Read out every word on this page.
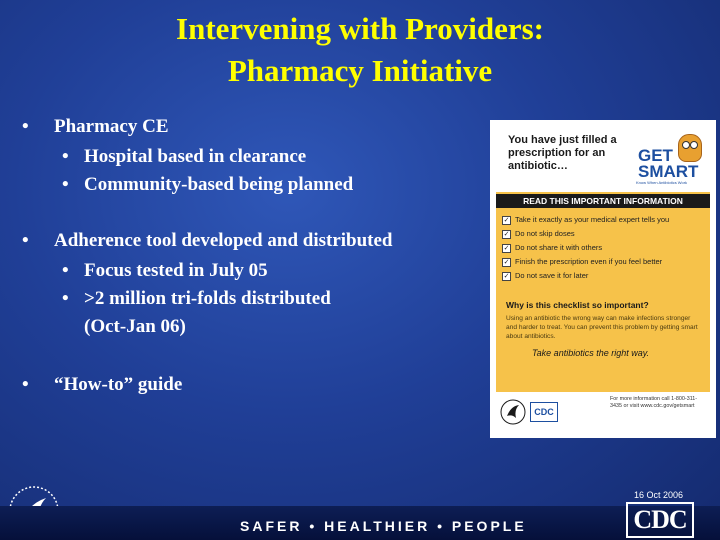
Intervening with Providers:
Pharmacy Initiative
• Pharmacy CE
• Hospital based in clearance
• Community-based being planned
• Adherence tool developed and distributed
• Focus tested in July 05
• >2 million tri-folds distributed
(Oct-Jan 06)
• “How-to” guide
You have just filled a prescription for an antibiotic…
GET
SMART
Know When Antibiotics Work
READ THIS IMPORTANT INFORMATION
✓ Take it exactly as your medical expert tells you
✓ Do not skip doses
✓ Do not share it with others
✓ Finish the prescription even if you feel better
✓ Do not save it for later
Why is this checklist so important?
Using an antibiotic the wrong way can make infections stronger and harder to treat. You can prevent this problem by getting smart about antibiotics.
Take antibiotics the right way.
CDC
For more information call 1-800-311-3435 or visit www.cdc.gov/getsmart
SAFER • HEALTHIER • PEOPLE
16 Oct 2006
CDC
